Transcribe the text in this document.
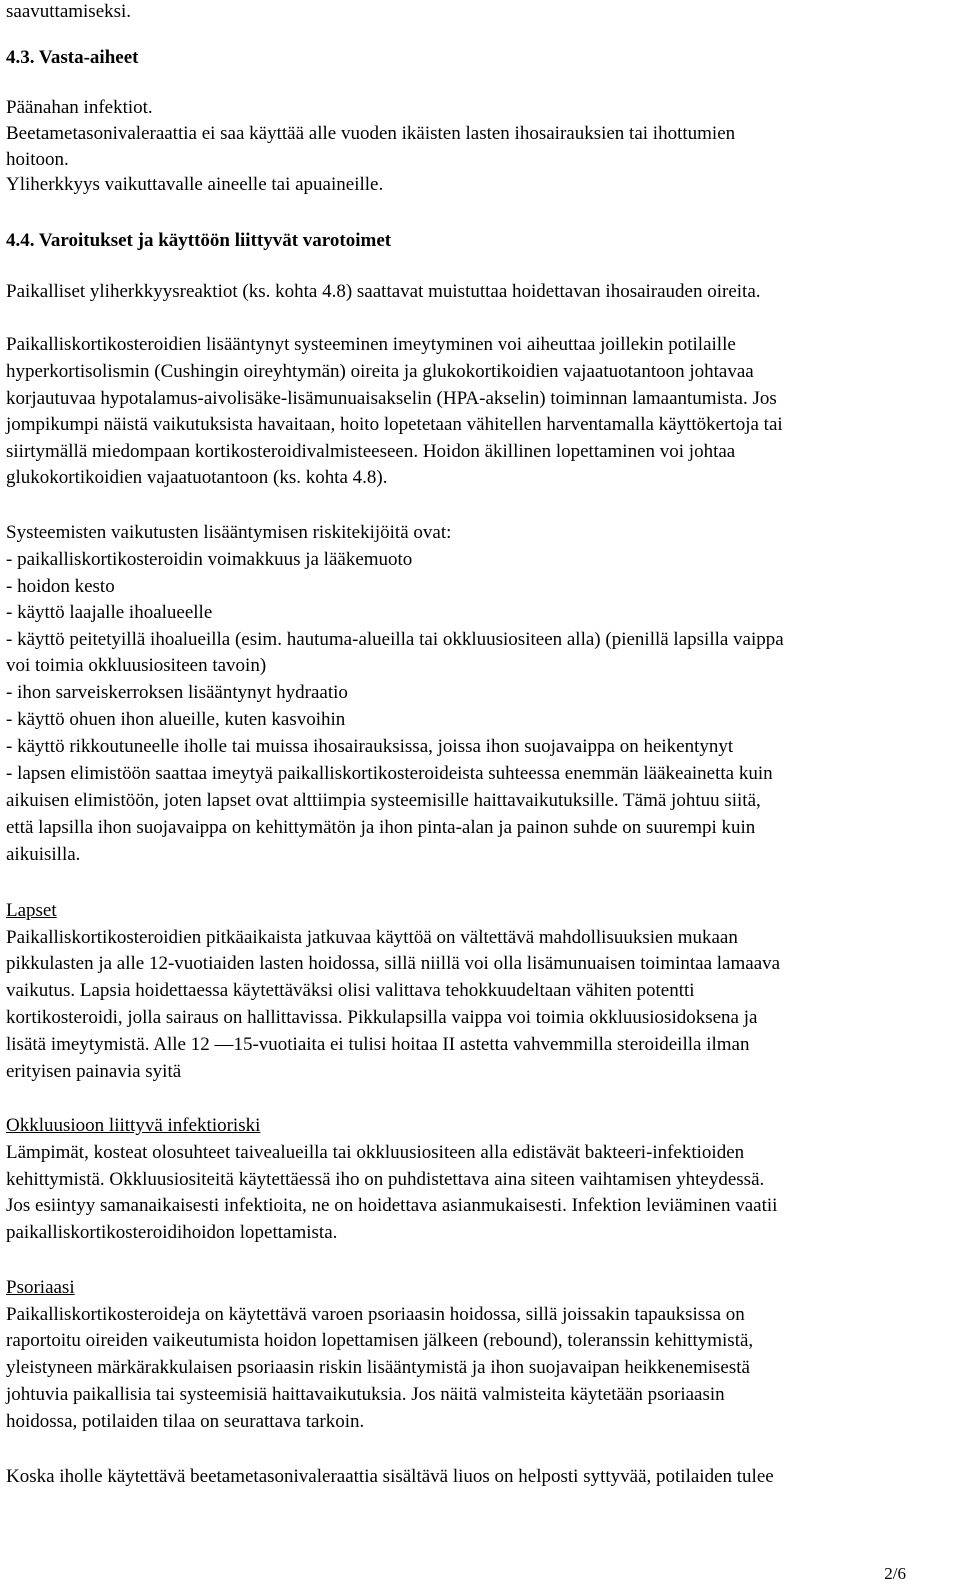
saavuttamiseksi.
4.3. Vasta-aiheet
Päänahan infektiot.
Beetametasonivaleraattia ei saa käyttää alle vuoden ikäisten lasten ihosairauksien tai ihottumien
hoitoon.
Yliherkkyys vaikuttavalle aineelle tai apuaineille.
4.4. Varoitukset ja käyttöön liittyvät varotoimet
Paikalliset yliherkkyysreaktiot (ks. kohta 4.8) saattavat muistuttaa hoidettavan ihosairauden oireita.
Paikalliskortikosteroidien lisääntynyt systeeminen imeytyminen voi aiheuttaa joillekin potilaille
hyperkortisolismin (Cushingin oireyhtymän) oireita ja glukokortikoidien vajaatuotantoon johtavaa
korjautuvaa hypotalamus-aivolisäke-lisämunuaisakselin (HPA-akselin) toiminnan lamaantumista. Jos
jompikumpi näistä vaikutuksista havaitaan, hoito lopetetaan vähitellen harventamalla käyttökertoja tai
siirtymällä miedompaan kortikosteroidivalmisteeseen. Hoidon äkillinen lopettaminen voi johtaa
glukokortikoidien vajaatuotantoon (ks. kohta 4.8).
Systeemisten vaikutusten lisääntymisen riskitekijöitä ovat:
- paikalliskortikosteroidin voimakkuus ja lääkemuoto
- hoidon kesto
- käyttö laajalle ihoalueelle
- käyttö peitetyillä ihoalueilla (esim. hautuma-alueilla tai okkluusiositeen alla) (pienillä lapsilla vaippa
voi toimia okkluusiositeen tavoin)
- ihon sarveiskerroksen lisääntynyt hydraatio
- käyttö ohuen ihon alueille, kuten kasvoihin
- käyttö rikkoutuneelle iholle tai muissa ihosairauksissa, joissa ihon suojavaippa on heikentynyt
- lapsen elimistöön saattaa imeytyä paikalliskortikosteroideista suhteessa enemmän lääkeainetta kuin
aikuisen elimistöön, joten lapset ovat alttiimpia systeemisille haittavaikutuksille. Tämä johtuu siitä,
että lapsilla ihon suojavaippa on kehittymätön ja ihon pinta-alan ja painon suhde on suurempi kuin
aikuisilla.
Lapset
Paikalliskortikosteroidien pitkäaikaista jatkuvaa käyttöä on vältettävä mahdollisuuksien mukaan
pikkulasten ja alle 12-vuotiaiden lasten hoidossa, sillä niillä voi olla lisämunuaisen toimintaa lamaava
vaikutus. Lapsia hoidettaessa käytettäväksi olisi valittava tehokkuudeltaan vähiten potentti
kortikosteroidi, jolla sairaus on hallittavissa. Pikkulapsilla vaippa voi toimia okkluusiosidoksena ja
lisätä imeytymistä. Alle 12 —15-vuotiaita ei tulisi hoitaa II astetta vahvemmilla steroideilla ilman
erityisen painavia syitä
Okkluusioon liittyvä infektioriski
Lämpimät, kosteat olosuhteet taivealueilla tai okkluusiositeen alla edistävät bakteeri-infektioiden
kehittymistä. Okkluusiositeitä käytettäessä iho on puhdistettava aina siteen vaihtamisen yhteydessä.
Jos esiintyy samanaikaisesti infektioita, ne on hoidettava asianmukaisesti. Infektion leviäminen vaatii
paikalliskortikosteroidihoidon lopettamista.
Psoriaasi
Paikalliskortikosteroideja on käytettävä varoen psoriaasin hoidossa, sillä joissakin tapauksissa on
raportoitu oireiden vaikeutumista hoidon lopettamisen jälkeen (rebound), toleranssin kehittymistä,
yleistyneen märkärakkulaisen psoriaasin riskin lisääntymistä ja ihon suojavaipan heikkenemisestä
johtuvia paikallisia tai systeemisiä haittavaikutuksia. Jos näitä valmisteita käytetään psoriaasin
hoidossa, potilaiden tilaa on seurattava tarkoin.
Koska iholle käytettävä beetametasonivaleraattia sisältävä liuos on helposti syttyvää, potilaiden tulee
2/6
